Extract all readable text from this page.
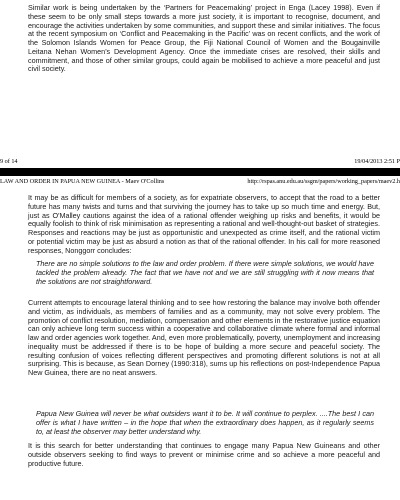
Similar work is being undertaken by the ‘Partners for Peacemaking’ project in Enga (Lacey 1998). Even if these seem to be only small steps towards a more just society, it is important to recognise, document, and encourage the activities undertaken by some communities, and support these and similar initiatives. The focus at the recent symposium on ‘Conflict and Peacemaking in the Pacific’ was on recent conflicts, and the work of the Solomon Islands Women for Peace Group, the Fiji National Council of Women and the Bougainville Leitana Nehan Women’s Development Agency. Once the immediate crises are resolved, their skills and commitment, and those of other similar groups, could again be mobilised to achieve a more peaceful and just civil society.

9 of 14	19/04/2013 2:51 P
LAW AND ORDER IN PAPUA NEW GUINEA - Maev O'Collins	http://rspas.anu.edu.au/ssgm/papers/working_papers/maev2.h

It may be as difficult for members of a society, as for expatriate observers, to accept that the road to a better future has many twists and turns and that surviving the journey has to take up so much time and energy. But, just as O'Malley cautions against the idea of a rational offender weighing up risks and benefits, it would be equally foolish to think of risk minimisation as representing a rational and well-thought-out basket of strategies. Responses and reactions may be just as opportunistic and unexpected as crime itself, and the rational victim or potential victim may be just as absurd a notion as that of the rational offender. In his call for more reasoned responses, Nonggorr concludes:

There are no simple solutions to the law and order problem. If there were simple solutions, we would have tackled the problem already. The fact that we have not and we are still struggling with it now means that the solutions are not straightforward.

Current attempts to encourage lateral thinking and to see how restoring the balance may involve both offender and victim, as individuals, as members of families and as a community, may not solve every problem. The promotion of conflict resolution, mediation, compensation and other elements in the restorative justice equation can only achieve long term success within a cooperative and collaborative climate where formal and informal law and order agencies work together. And, even more problematically, poverty, unemployment and increasing inequality must be addressed if there is to be hope of building a more secure and peaceful society. The resulting confusion of voices reflecting different perspectives and promoting different solutions is not at all surprising. This is because, as Sean Dorney (1990:318), sums up his reflections on post-Independence Papua New Guinea, there are no neat answers.

Papua New Guinea will never be what outsiders want it to be. It will continue to perplex. ....The best I can offer is what I have written – in the hope that when the extraordinary does happen, as it regularly seems to, at least the observer may better understand why.

It is this search for better understanding that continues to engage many Papua New Guineans and other outside observers seeking to find ways to prevent or minimise crime and so achieve a more peaceful and productive future.
